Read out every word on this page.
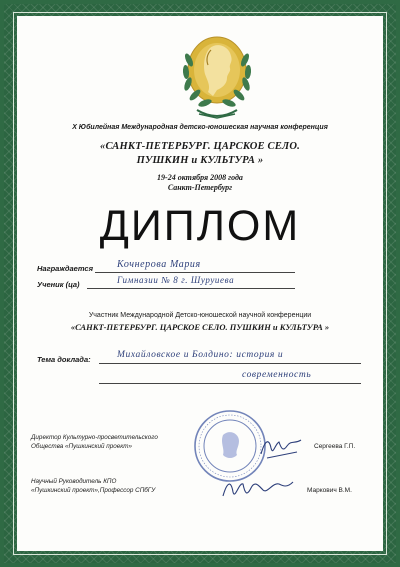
X Юбилейная Международная детско-юношеская научная конференция
«САНКТ-ПЕТЕРБУРГ. ЦАРСКОЕ СЕЛО.
ПУШКИН и КУЛЬТУРА »
19-24 октября 2008 года
Санкт-Петербург
ДИПЛОМ
Награждается Кочнерова Мария
Ученик (ца)	Гимназии № 8 г. Шуруиева
Участник Международной Детско-юношеской научной конференции
«САНКТ-ПЕТЕРБУРГ. ЦАРСКОЕ СЕЛО. ПУШКИН и КУЛЬТУРА »
Тема доклада:	Михайловское и Болдино: история и
современность
Директор Культурно-просветительского
Общества «Пушкинский проект»	Сергеева Г.П.
Научный Руководитель КПО
«Пушкинский проект»,Профессор СПбГУ	Маркович В.М.
